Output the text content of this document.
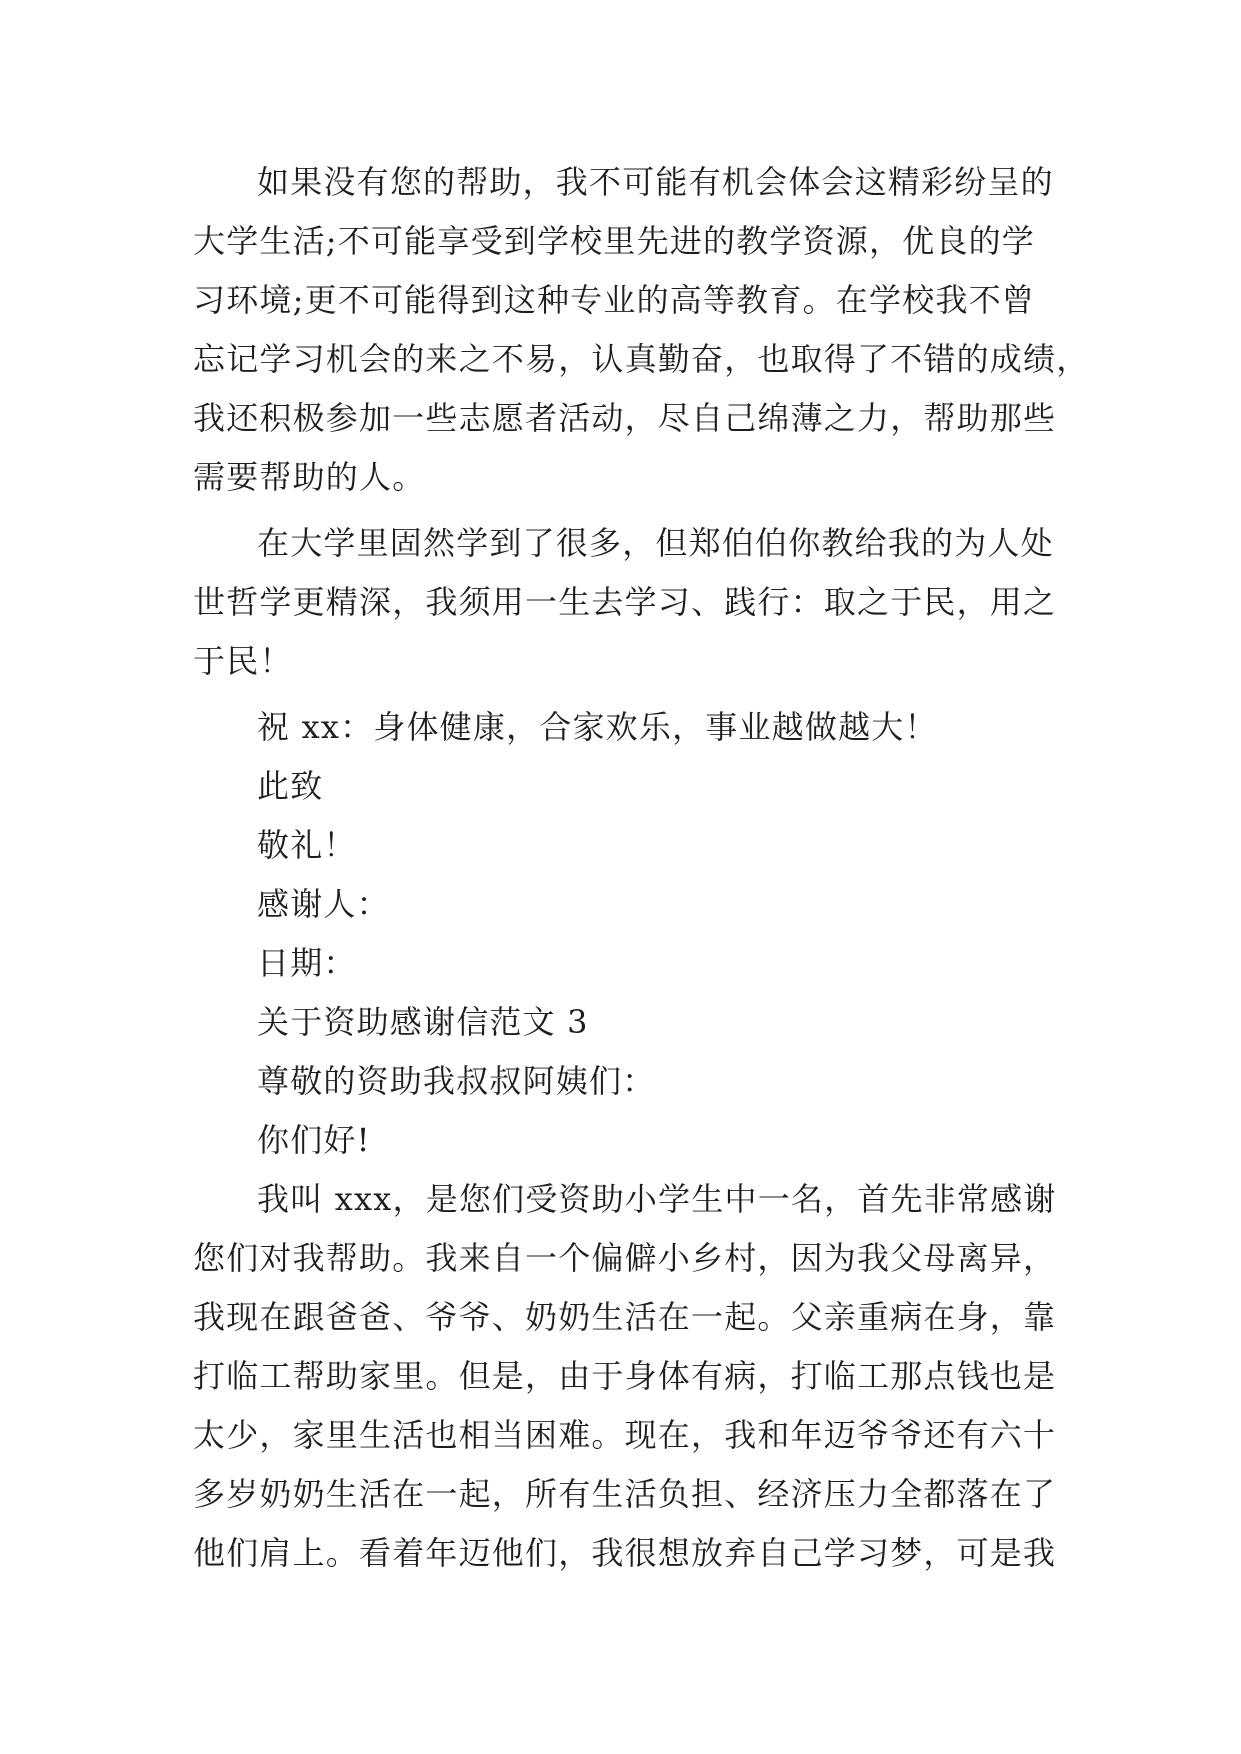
如果没有您的帮助，我不可能有机会体会这精彩纷呈的
大学生活;不可能享受到学校里先进的教学资源，优良的学
习环境;更不可能得到这种专业的高等教育。在学校我不曾
忘记学习机会的来之不易，认真勤奋，也取得了不错的成绩，
我还积极参加一些志愿者活动，尽自己绵薄之力，帮助那些
需要帮助的人。
在大学里固然学到了很多，但郑伯伯你教给我的为人处
世哲学更精深，我须用一生去学习、践行：取之于民，用之
于民！
祝 xx：身体健康，合家欢乐，事业越做越大！
此致
敬礼！
感谢人：
日期：
关于资助感谢信范文 3
尊敬的资助我叔叔阿姨们：
你们好!
我叫 xxx，是您们受资助小学生中一名，首先非常感谢
您们对我帮助。我来自一个偏僻小乡村，因为我父母离异，
我现在跟爸爸、爷爷、奶奶生活在一起。父亲重病在身，靠
打临工帮助家里。但是，由于身体有病，打临工那点钱也是
太少，家里生活也相当困难。现在，我和年迈爷爷还有六十
多岁奶奶生活在一起，所有生活负担、经济压力全都落在了
他们肩上。看着年迈他们，我很想放弃自己学习梦，可是我
